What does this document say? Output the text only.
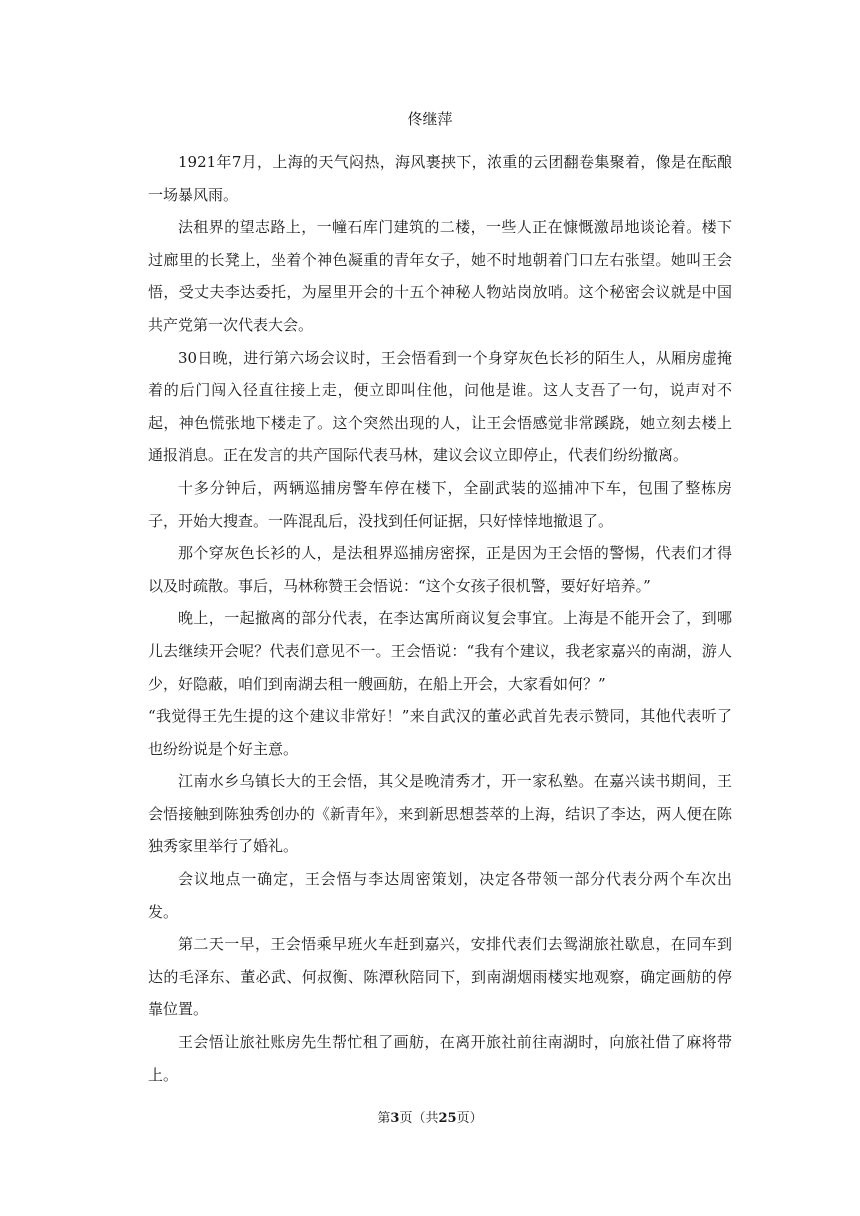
佟继萍

1921年7月，上海的天气闷热，海风裹挟下，浓重的云团翻卷集聚着，像是在酝酿一场暴风雨。

法租界的望志路上，一幢石库门建筑的二楼，一些人正在慷慨激昂地谈论着。楼下过廊里的长凳上，坐着个神色凝重的青年女子，她不时地朝着门口左右张望。她叫王会悟，受丈夫李达委托，为屋里开会的十五个神秘人物站岗放哨。这个秘密会议就是中国共产党第一次代表大会。

30日晚，进行第六场会议时，王会悟看到一个身穿灰色长衫的陌生人，从厢房虚掩着的后门闯入径直往接上走，便立即叫住他，问他是谁。这人支吾了一句，说声对不起，神色慌张地下楼走了。这个突然出现的人，让王会悟感觉非常蹊跷，她立刻去楼上通报消息。正在发言的共产国际代表马林，建议会议立即停止，代表们纷纷撤离。

十多分钟后，两辆巡捕房警车停在楼下，全副武装的巡捕冲下车，包围了整栋房子，开始大搜查。一阵混乱后，没找到任何证据，只好悻悻地撤退了。

那个穿灰色长衫的人，是法租界巡捕房密探，正是因为王会悟的警惕，代表们才得以及时疏散。事后，马林称赞王会悟说：“这个女孩子很机警，要好好培养。”

晚上，一起撤离的部分代表，在李达寓所商议复会事宜。上海是不能开会了，到哪儿去继续开会呢？代表们意见不一。王会悟说：“我有个建议，我老家嘉兴的南湖，游人少，好隐蔽，咱们到南湖去租一艘画舫，在船上开会，大家看如何？”

“我觉得王先生提的这个建议非常好！”来自武汉的董必武首先表示赞同，其他代表听了也纷纷说是个好主意。

江南水乡乌镇长大的王会悟，其父是晚清秀才，开一家私塾。在嘉兴读书期间，王会悟接触到陈独秀创办的《新青年》，来到新思想荟萃的上海，结识了李达，两人便在陈独秀家里举行了婚礼。

会议地点一确定，王会悟与李达周密策划，决定各带领一部分代表分两个车次出发。

第二天一早，王会悟乘早班火车赶到嘉兴，安排代表们去鸳湖旅社歇息，在同车到达的毛泽东、董必武、何叔衡、陈潭秋陪同下，到南湖烟雨楼实地观察，确定画舫的停靠位置。

王会悟让旅社账房先生帮忙租了画舫，在离开旅社前往南湖时，向旅社借了麻将带上。

第3页（共25页）
